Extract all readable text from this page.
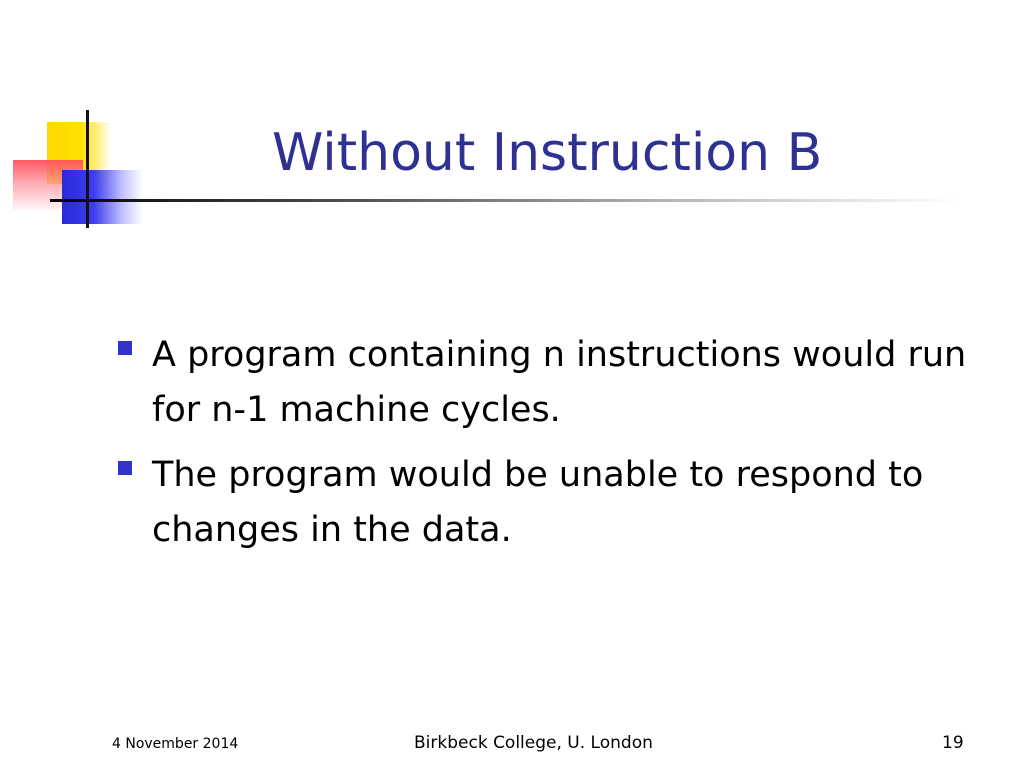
Without Instruction B
A program containing n instructions would run for n-1 machine cycles.
The program would be unable to respond to changes in the data.
4 November 2014	Birkbeck College, U. London	19
